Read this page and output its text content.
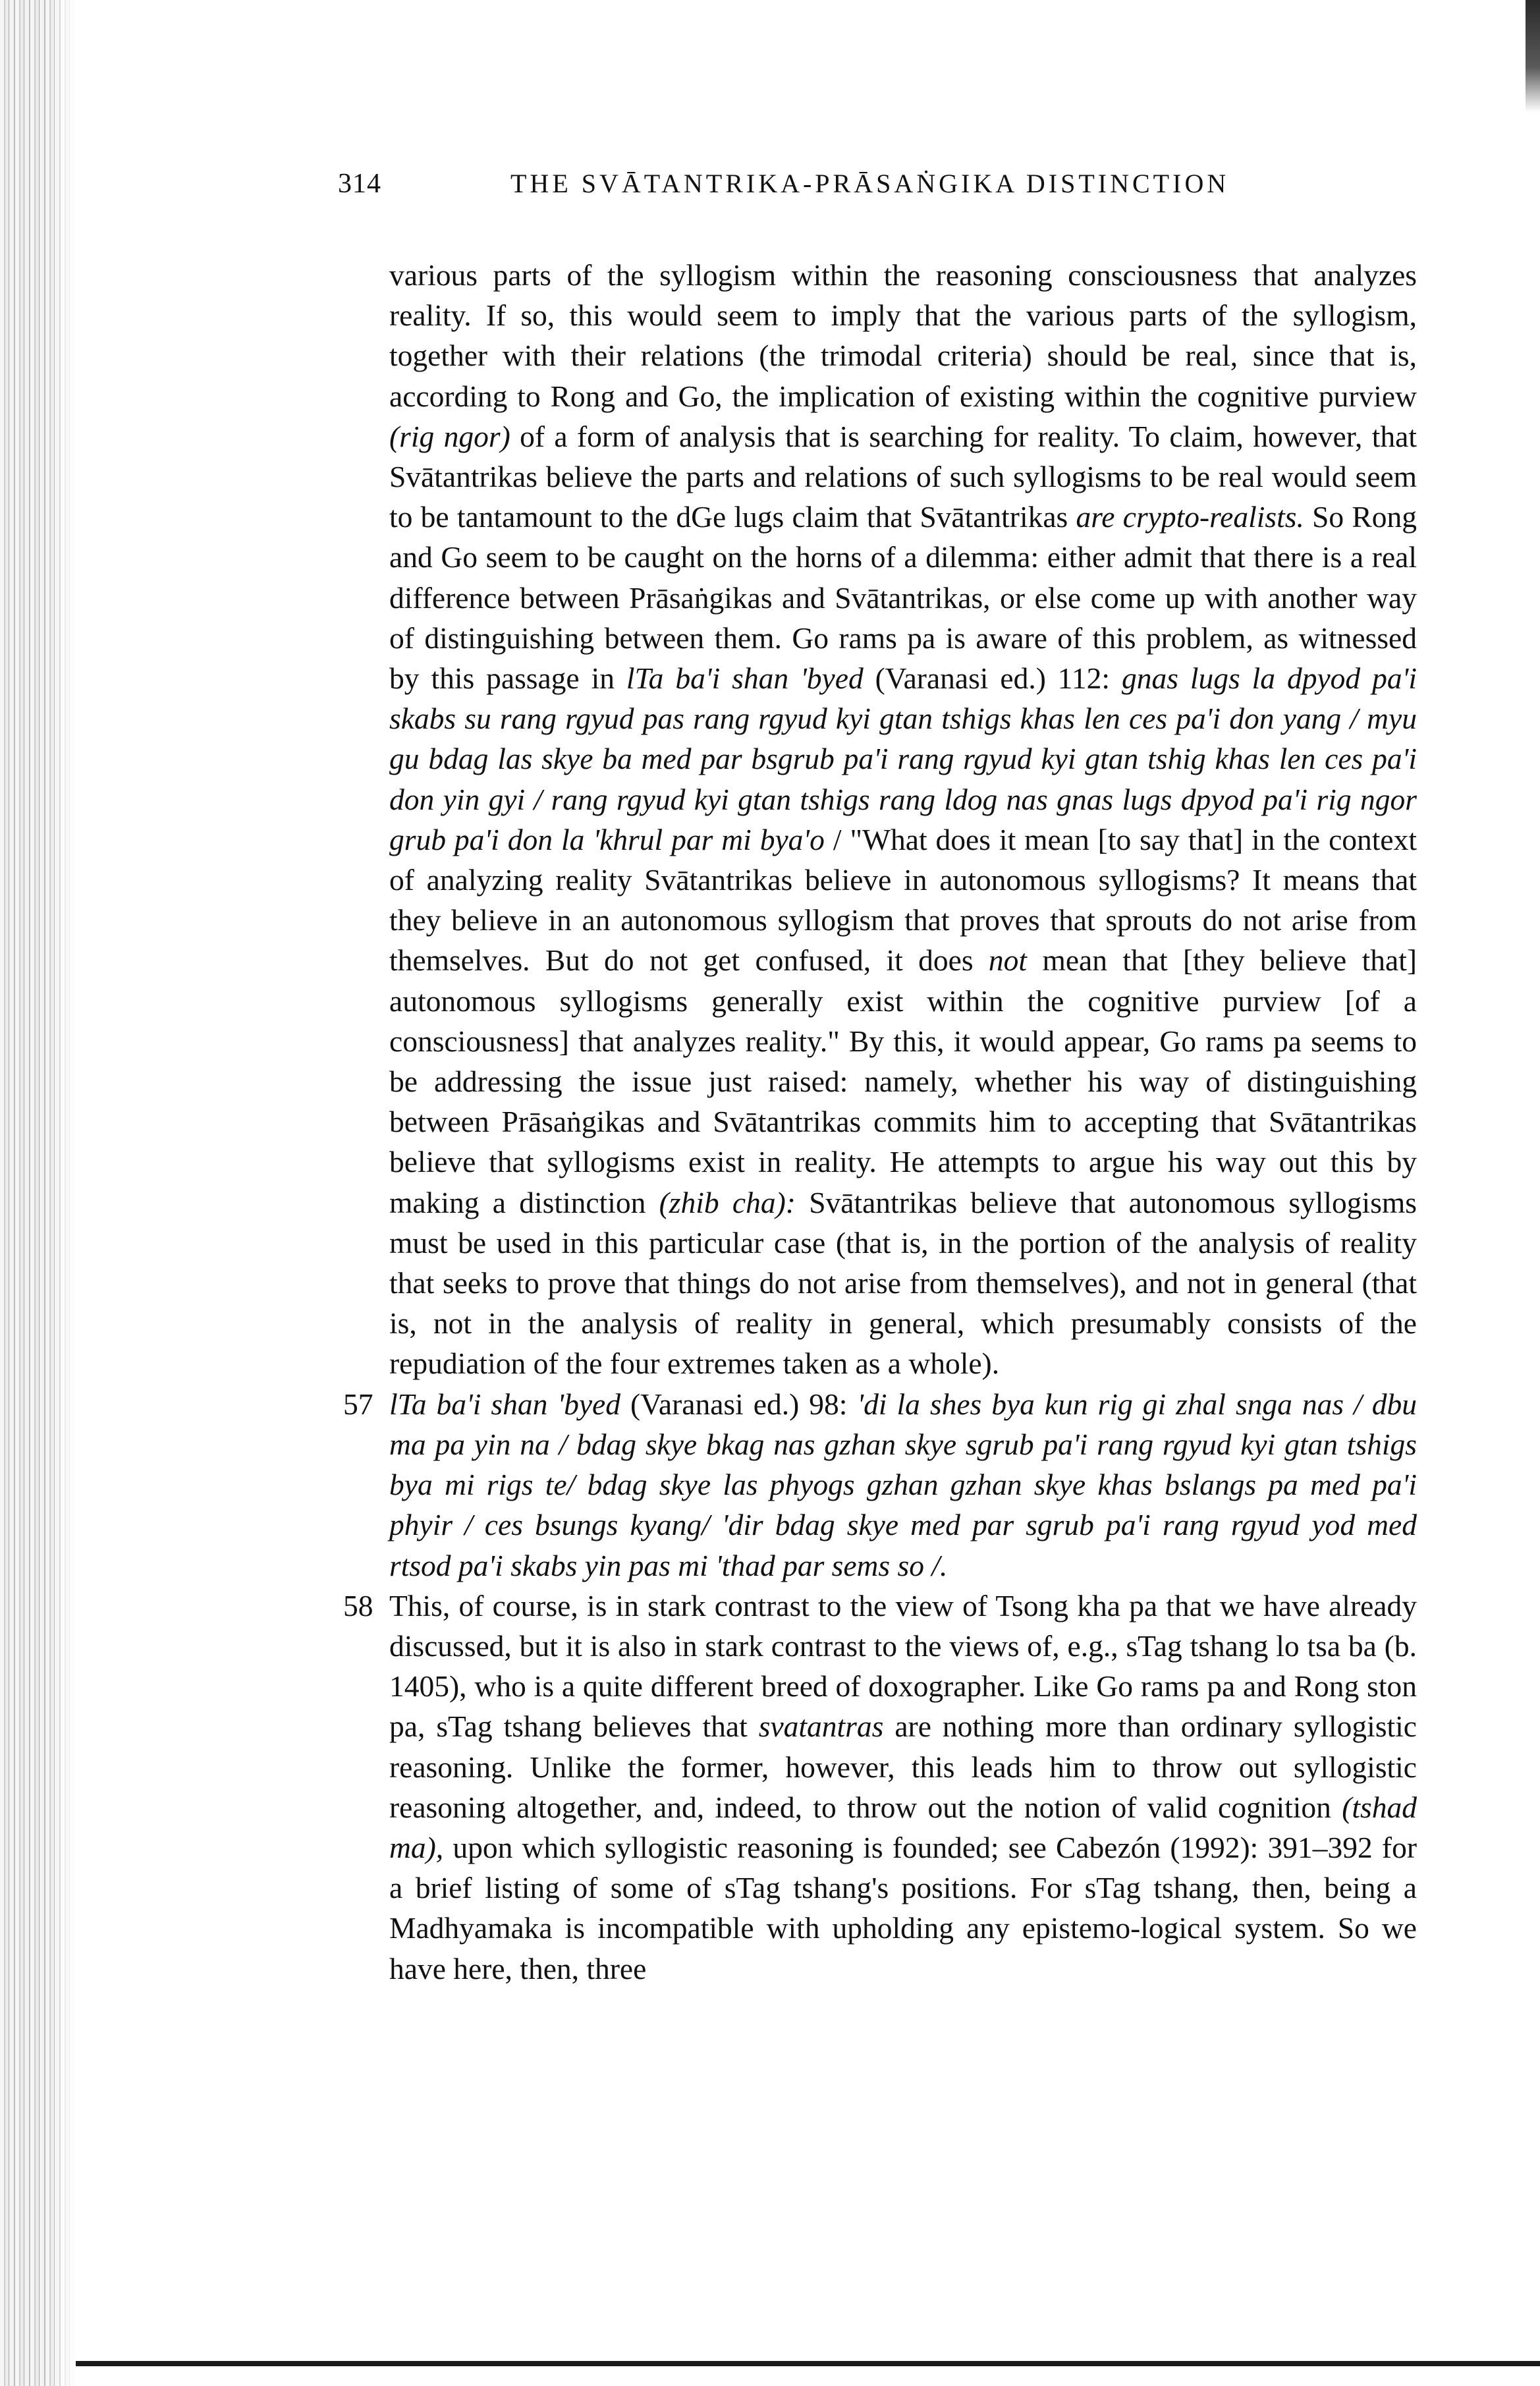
314	THE SVĀTANTRIKA-PRĀSAṄGIKA DISTINCTION

various parts of the syllogism within the reasoning consciousness that analyzes reality. If so, this would seem to imply that the various parts of the syllogism, together with their relations (the trimodal criteria) should be real, since that is, according to Rong and Go, the implication of existing within the cognitive purview (rig ngor) of a form of analysis that is searching for reality. To claim, however, that Svātantrikas believe the parts and relations of such syllogisms to be real would seem to be tantamount to the dGe lugs claim that Svātantrikas are crypto-realists. So Rong and Go seem to be caught on the horns of a dilemma: either admit that there is a real difference between Prāsaṅgikas and Svātantrikas, or else come up with another way of distinguishing between them. Go rams pa is aware of this problem, as witnessed by this passage in lTa ba'i shan 'byed (Varanasi ed.) 112: gnas lugs la dpyod pa'i skabs su rang rgyud pas rang rgyud kyi gtan tshigs khas len ces pa'i don yang / myu gu bdag las skye ba med par bsgrub pa'i rang rgyud kyi gtan tshig khas len ces pa'i don yin gyi / rang rgyud kyi gtan tshigs rang ldog nas gnas lugs dpyod pa'i rig ngor grub pa'i don la 'khrul par mi bya'o / "What does it mean [to say that] in the context of analyzing reality Svātantrikas believe in autonomous syllogisms? It means that they believe in an autonomous syllogism that proves that sprouts do not arise from themselves. But do not get confused, it does not mean that [they believe that] autonomous syllogisms generally exist within the cognitive purview [of a consciousness] that analyzes reality." By this, it would appear, Go rams pa seems to be addressing the issue just raised: namely, whether his way of distinguishing between Prāsaṅgikas and Svātantrikas commits him to accepting that Svātantrikas believe that syllogisms exist in reality. He attempts to argue his way out this by making a distinction (zhib cha): Svātantrikas believe that autonomous syllogisms must be used in this particular case (that is, in the portion of the analysis of reality that seeks to prove that things do not arise from themselves), and not in general (that is, not in the analysis of reality in general, which presumably consists of the repudiation of the four extremes taken as a whole).

57 lTa ba'i shan 'byed (Varanasi ed.) 98: 'di la shes bya kun rig gi zhal snga nas / dbu ma pa yin na / bdag skye bkag nas gzhan skye sgrub pa'i rang rgyud kyi gtan tshigs bya mi rigs te/ bdag skye las phyogs gzhan gzhan skye khas bslangs pa med pa'i phyir / ces bsungs kyang/ 'dir bdag skye med par sgrub pa'i rang rgyud yod med rtsod pa'i skabs yin pas mi 'thad par sems so /.

58 This, of course, is in stark contrast to the view of Tsong kha pa that we have already discussed, but it is also in stark contrast to the views of, e.g., sTag tshang lo tsa ba (b. 1405), who is a quite different breed of doxographer. Like Go rams pa and Rong ston pa, sTag tshang believes that svatantras are nothing more than ordinary syllogistic reasoning. Unlike the former, however, this leads him to throw out syllogistic reasoning altogether, and, indeed, to throw out the notion of valid cognition (tshad ma), upon which syllogistic reasoning is founded; see Cabezón (1992): 391–392 for a brief listing of some of sTag tshang's positions. For sTag tshang, then, being a Madhyamaka is incompatible with upholding any epistemo-logical system. So we have here, then, three
